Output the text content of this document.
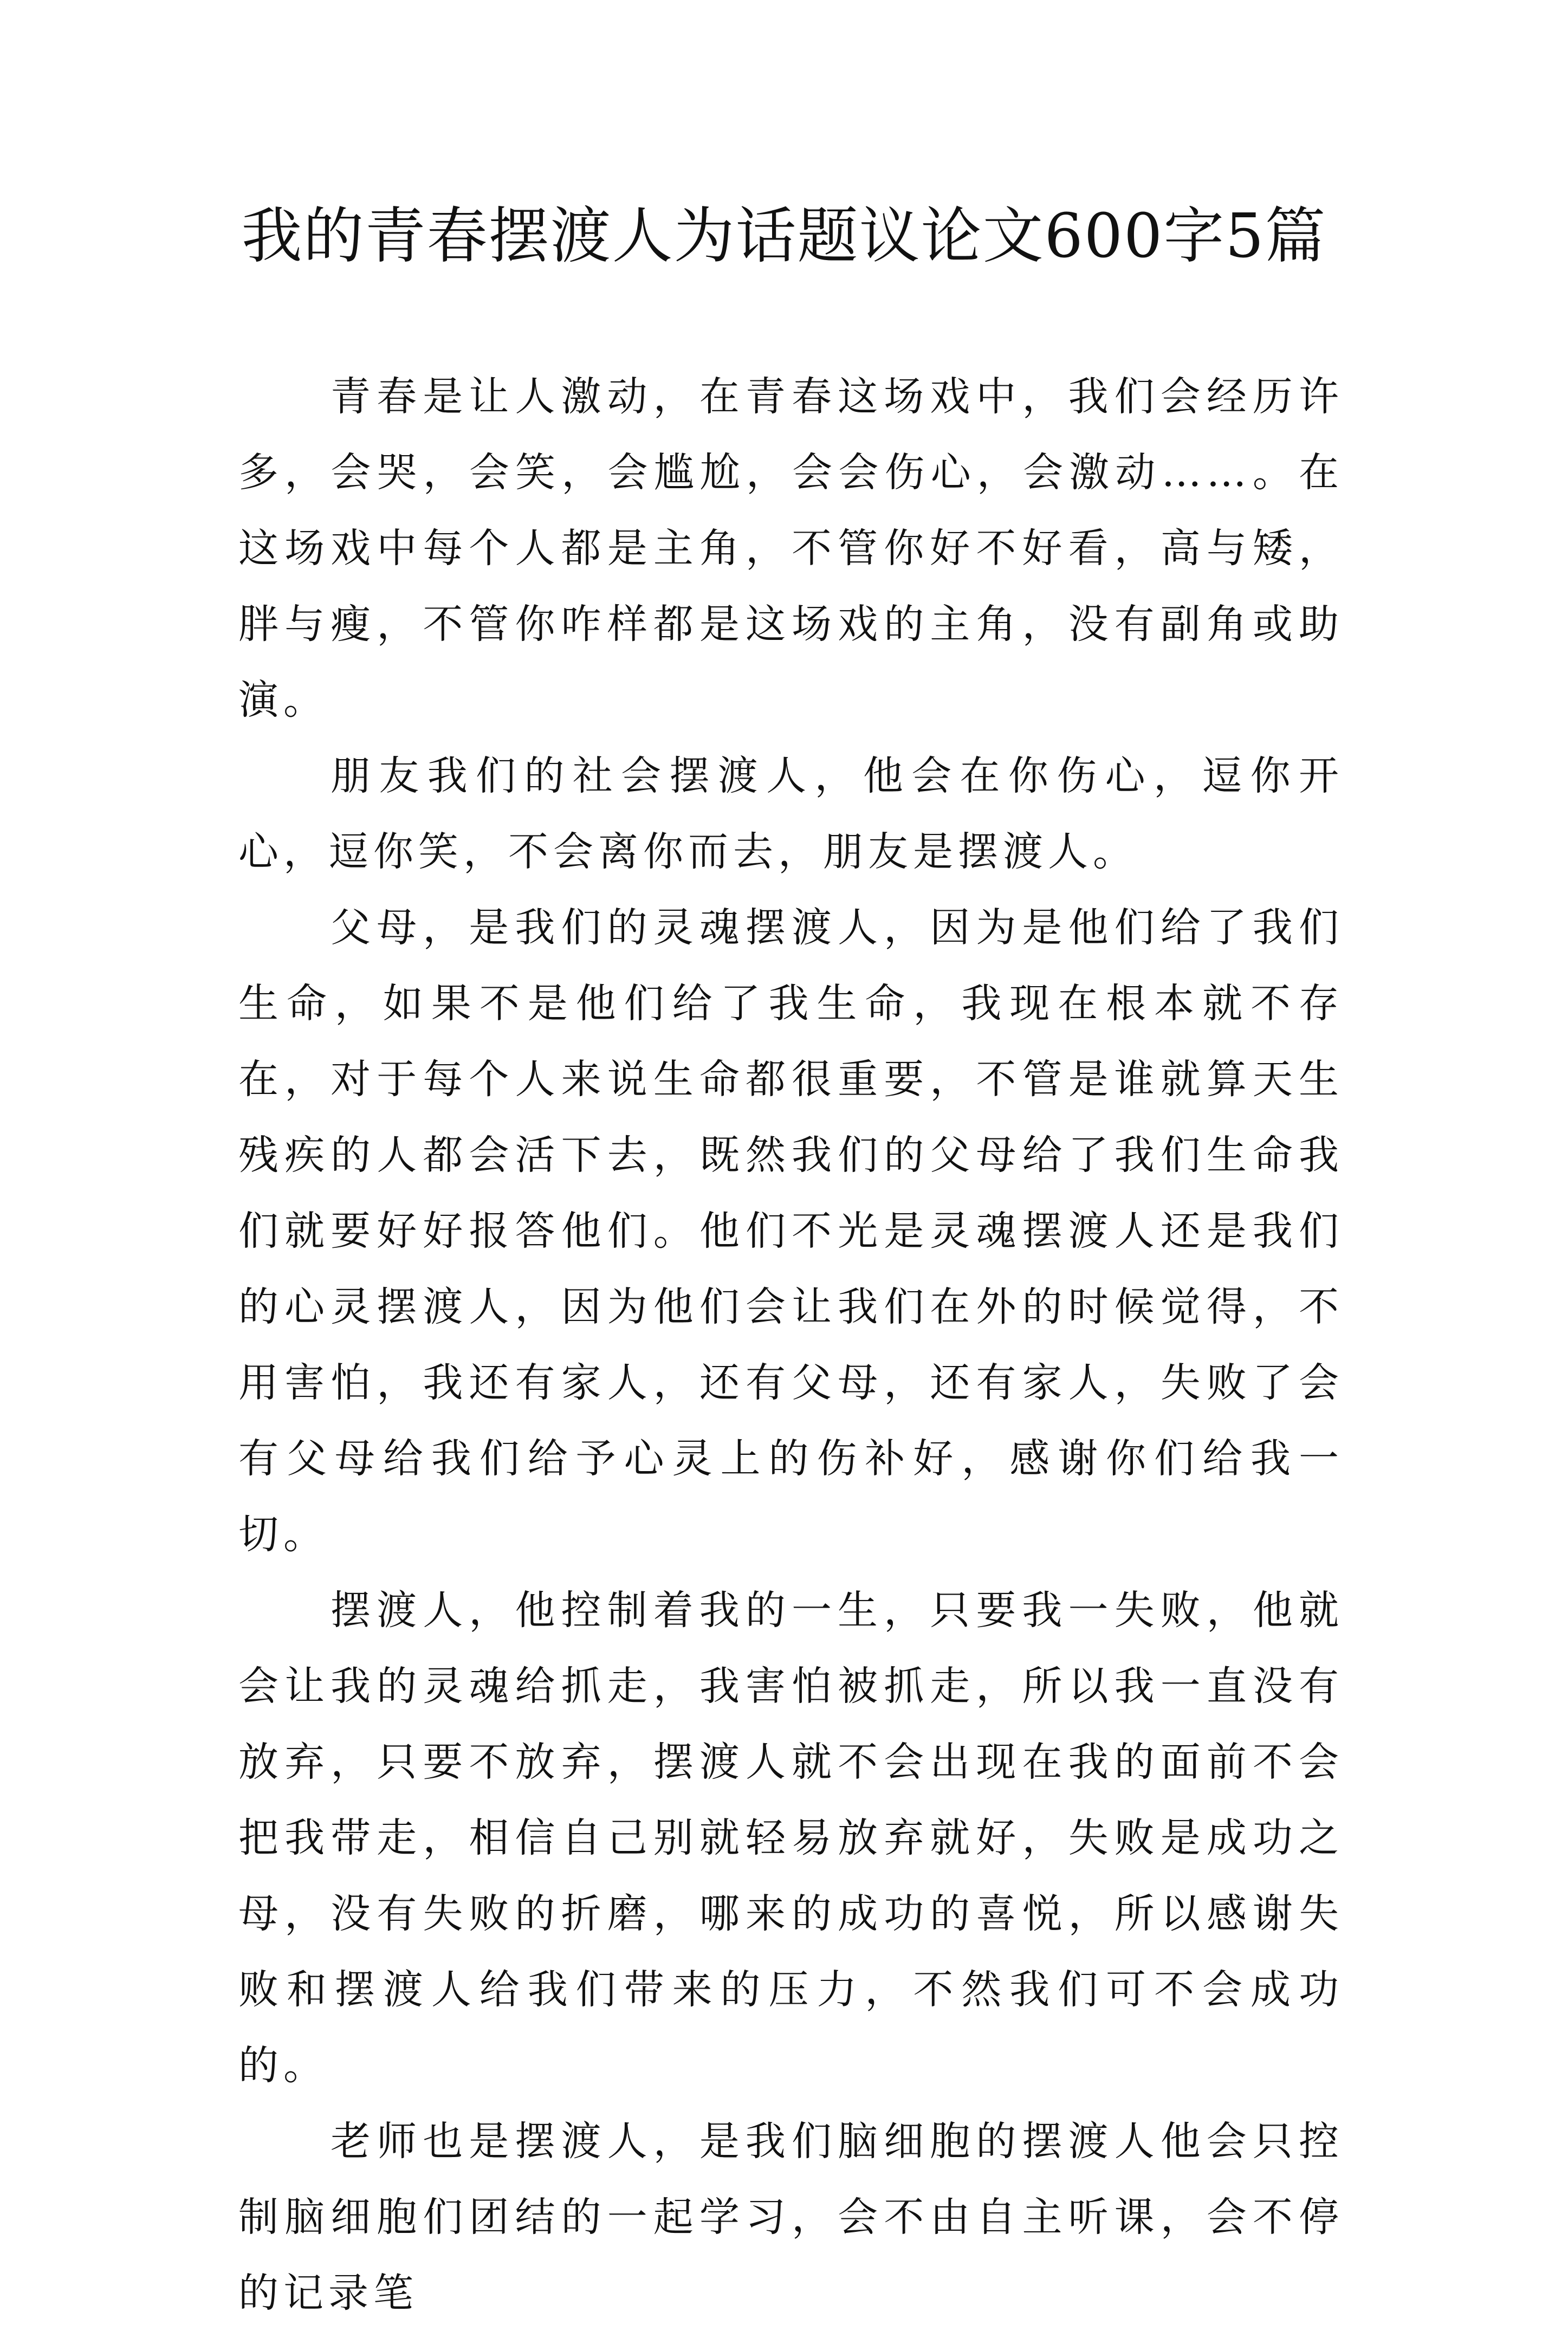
我的青春摆渡人为话题议论文600字5篇

青春是让人激动，在青春这场戏中，我们会经历许多，会哭，会笑，会尴尬，会会伤心，会激动……。在这场戏中每个人都是主角，不管你好不好看，高与矮，胖与瘦，不管你咋样都是这场戏的主角，没有副角或助演。

朋友我们的社会摆渡人，他会在你伤心，逗你开心，逗你笑，不会离你而去，朋友是摆渡人。

父母，是我们的灵魂摆渡人，因为是他们给了我们生命，如果不是他们给了我生命，我现在根本就不存在，对于每个人来说生命都很重要，不管是谁就算天生残疾的人都会活下去，既然我们的父母给了我们生命我们就要好好报答他们。他们不光是灵魂摆渡人还是我们的心灵摆渡人，因为他们会让我们在外的时候觉得，不用害怕，我还有家人，还有父母，还有家人，失败了会有父母给我们给予心灵上的伤补好，感谢你们给我一切。

摆渡人，他控制着我的一生，只要我一失败，他就会让我的灵魂给抓走，我害怕被抓走，所以我一直没有放弃，只要不放弃，摆渡人就不会出现在我的面前不会把我带走，相信自己别就轻易放弃就好，失败是成功之母，没有失败的折磨，哪来的成功的喜悦，所以感谢失败和摆渡人给我们带来的压力，不然我们可不会成功的。

老师也是摆渡人，是我们脑细胞的摆渡人他会只控制脑细胞们团结的一起学习，会不由自主听课，会不停的记录笔
